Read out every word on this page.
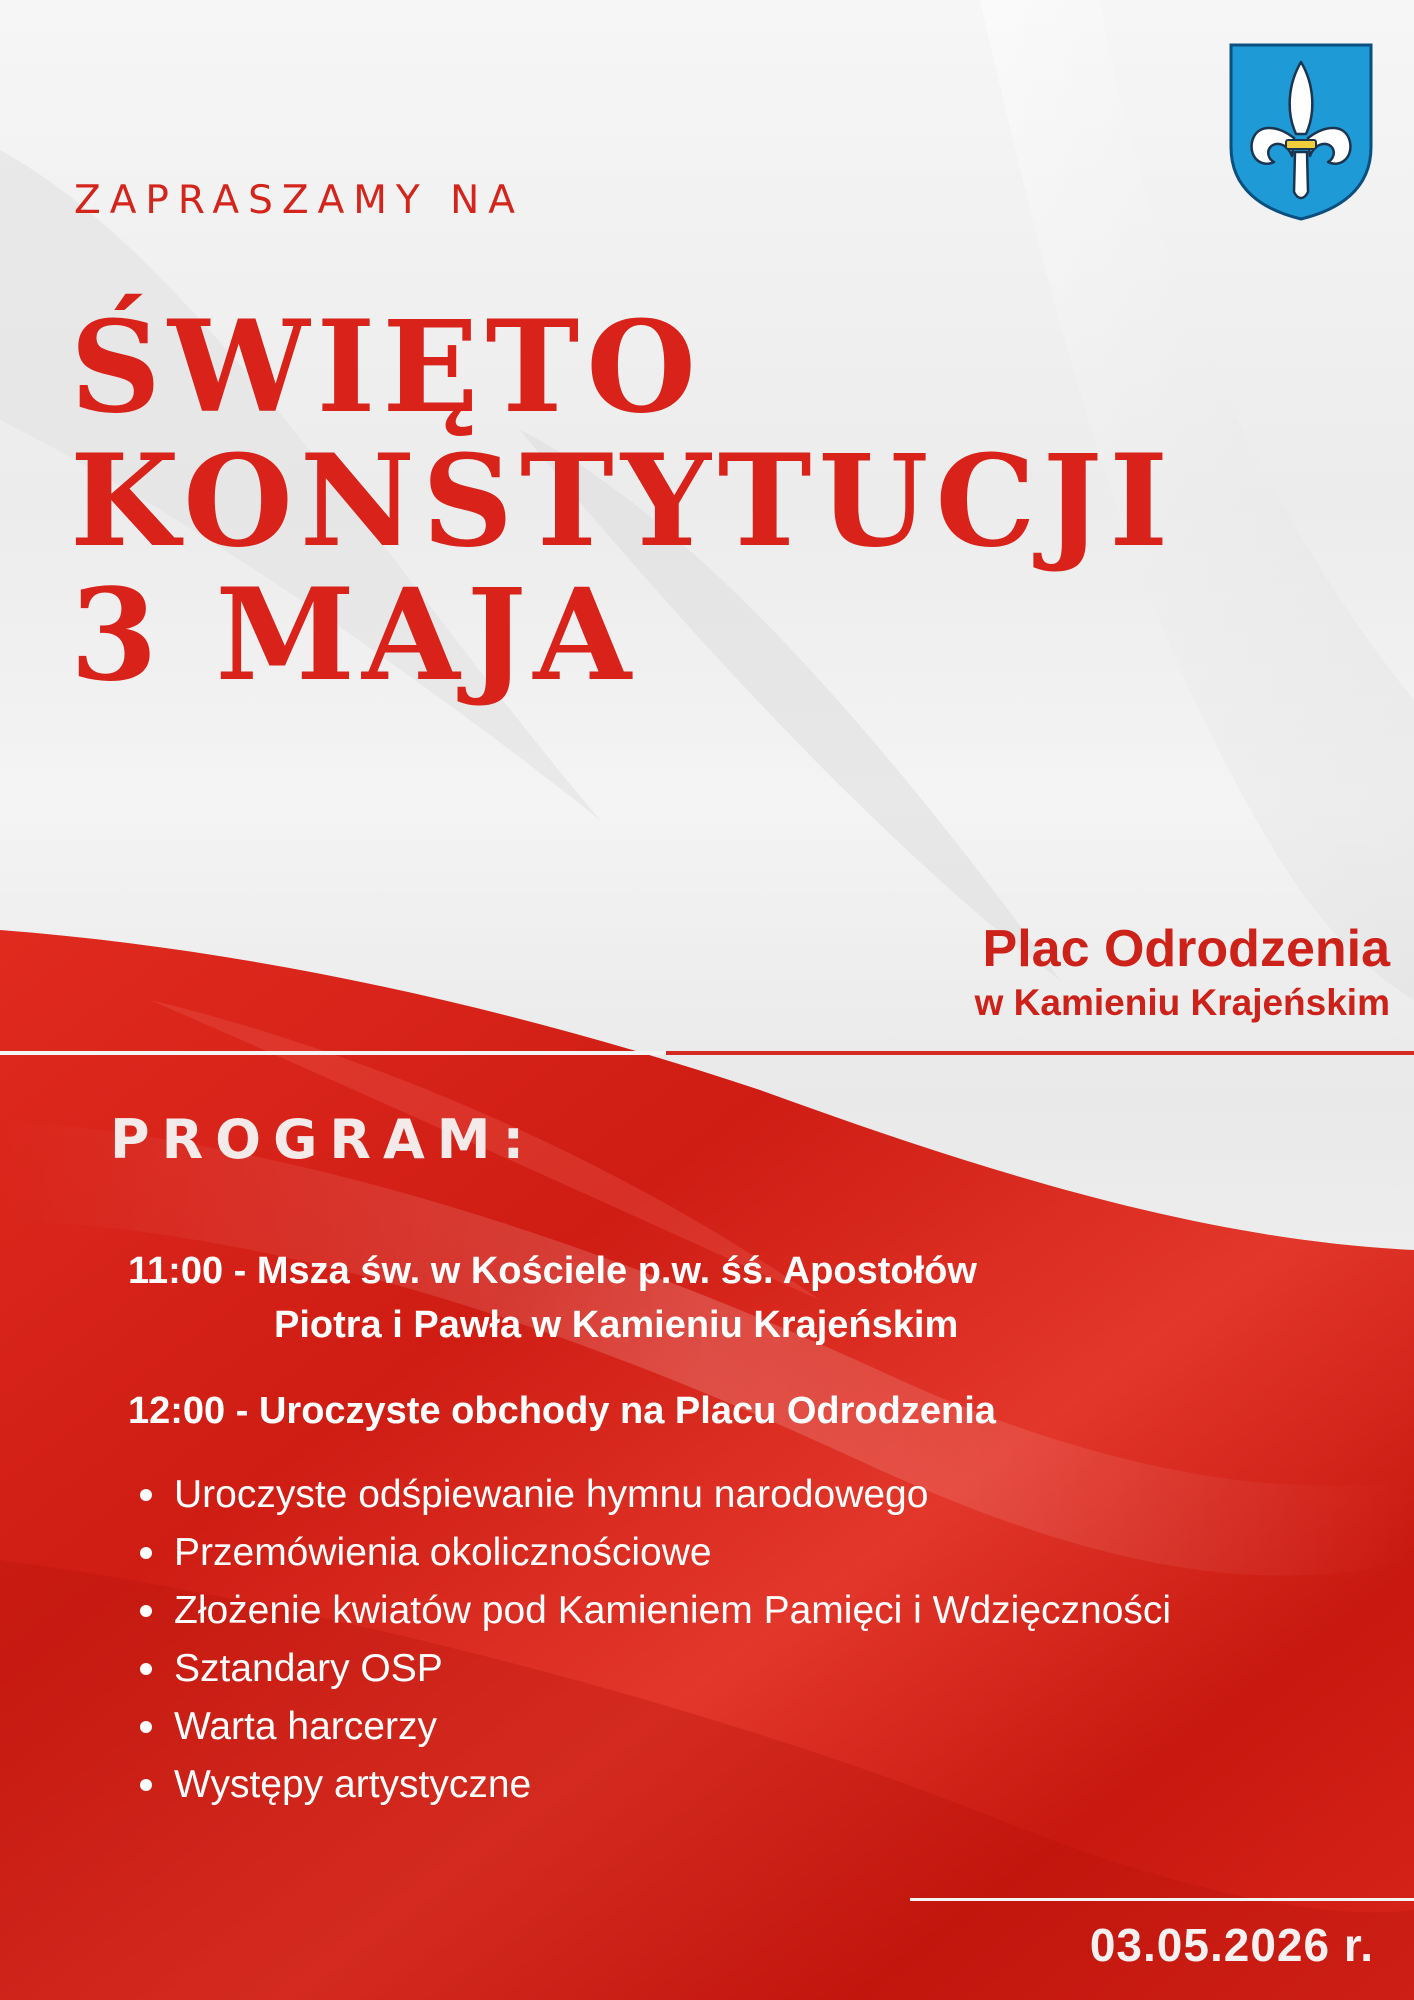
ZAPRASZAMY NA

ŚWIĘTO
KONSTYTUCJI
3 MAJA

Plac Odrodzenia

w Kamieniu Krajeńskim

PROGRAM:

11:00 - Msza św. w Kościele p.w. śś. Apostołów

Piotra i Pawła w Kamieniu Krajeńskim

12:00 - Uroczyste obchody na Placu Odrodzenia

Uroczyste odśpiewanie hymnu narodowego
Przemówienia okolicznościowe
Złożenie kwiatów pod Kamieniem Pamięci i Wdzięczności
Sztandary OSP
Warta harcerzy
Występy artystyczne

03.05.2026 r.
